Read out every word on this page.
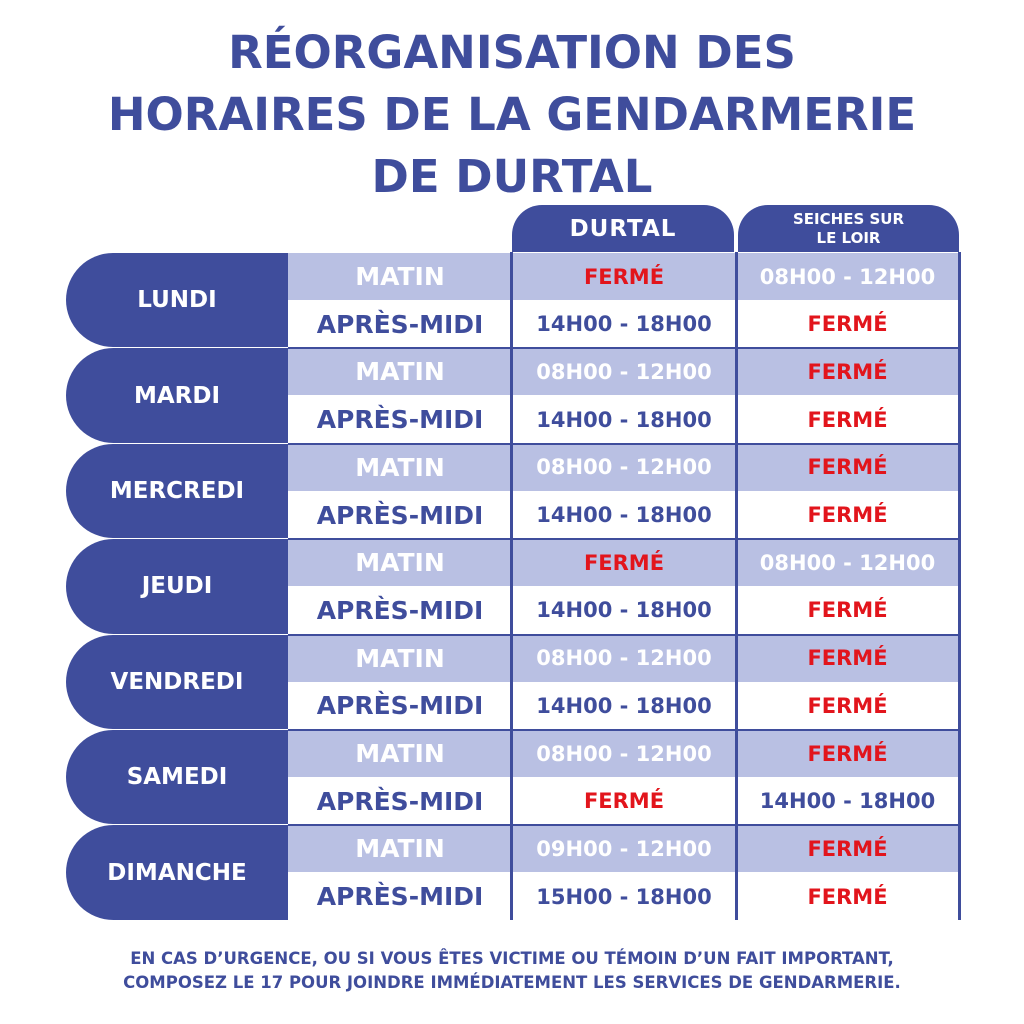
RÉORGANISATION DES
HORAIRES DE LA GENDARMERIE
DE DURTAL
DURTAL	SEICHES SUR
LE LOIR
LUNDI
MATIN	FERMÉ	08H00 - 12H00
APRÈS-MIDI	14H00 - 18H00	FERMÉ
MARDI
MATIN	08H00 - 12H00	FERMÉ
APRÈS-MIDI	14H00 - 18H00	FERMÉ
MERCREDI
MATIN	08H00 - 12H00	FERMÉ
APRÈS-MIDI	14H00 - 18H00	FERMÉ
JEUDI
MATIN	FERMÉ	08H00 - 12H00
APRÈS-MIDI	14H00 - 18H00	FERMÉ
VENDREDI
MATIN	08H00 - 12H00	FERMÉ
APRÈS-MIDI	14H00 - 18H00	FERMÉ
SAMEDI
MATIN	08H00 - 12H00	FERMÉ
APRÈS-MIDI	FERMÉ	14H00 - 18H00
DIMANCHE
MATIN	09H00 - 12H00	FERMÉ
APRÈS-MIDI	15H00 - 18H00	FERMÉ
EN CAS D’URGENCE, OU SI VOUS ÊTES VICTIME OU TÉMOIN D’UN FAIT IMPORTANT,
COMPOSEZ LE 17 POUR JOINDRE IMMÉDIATEMENT LES SERVICES DE GENDARMERIE.
